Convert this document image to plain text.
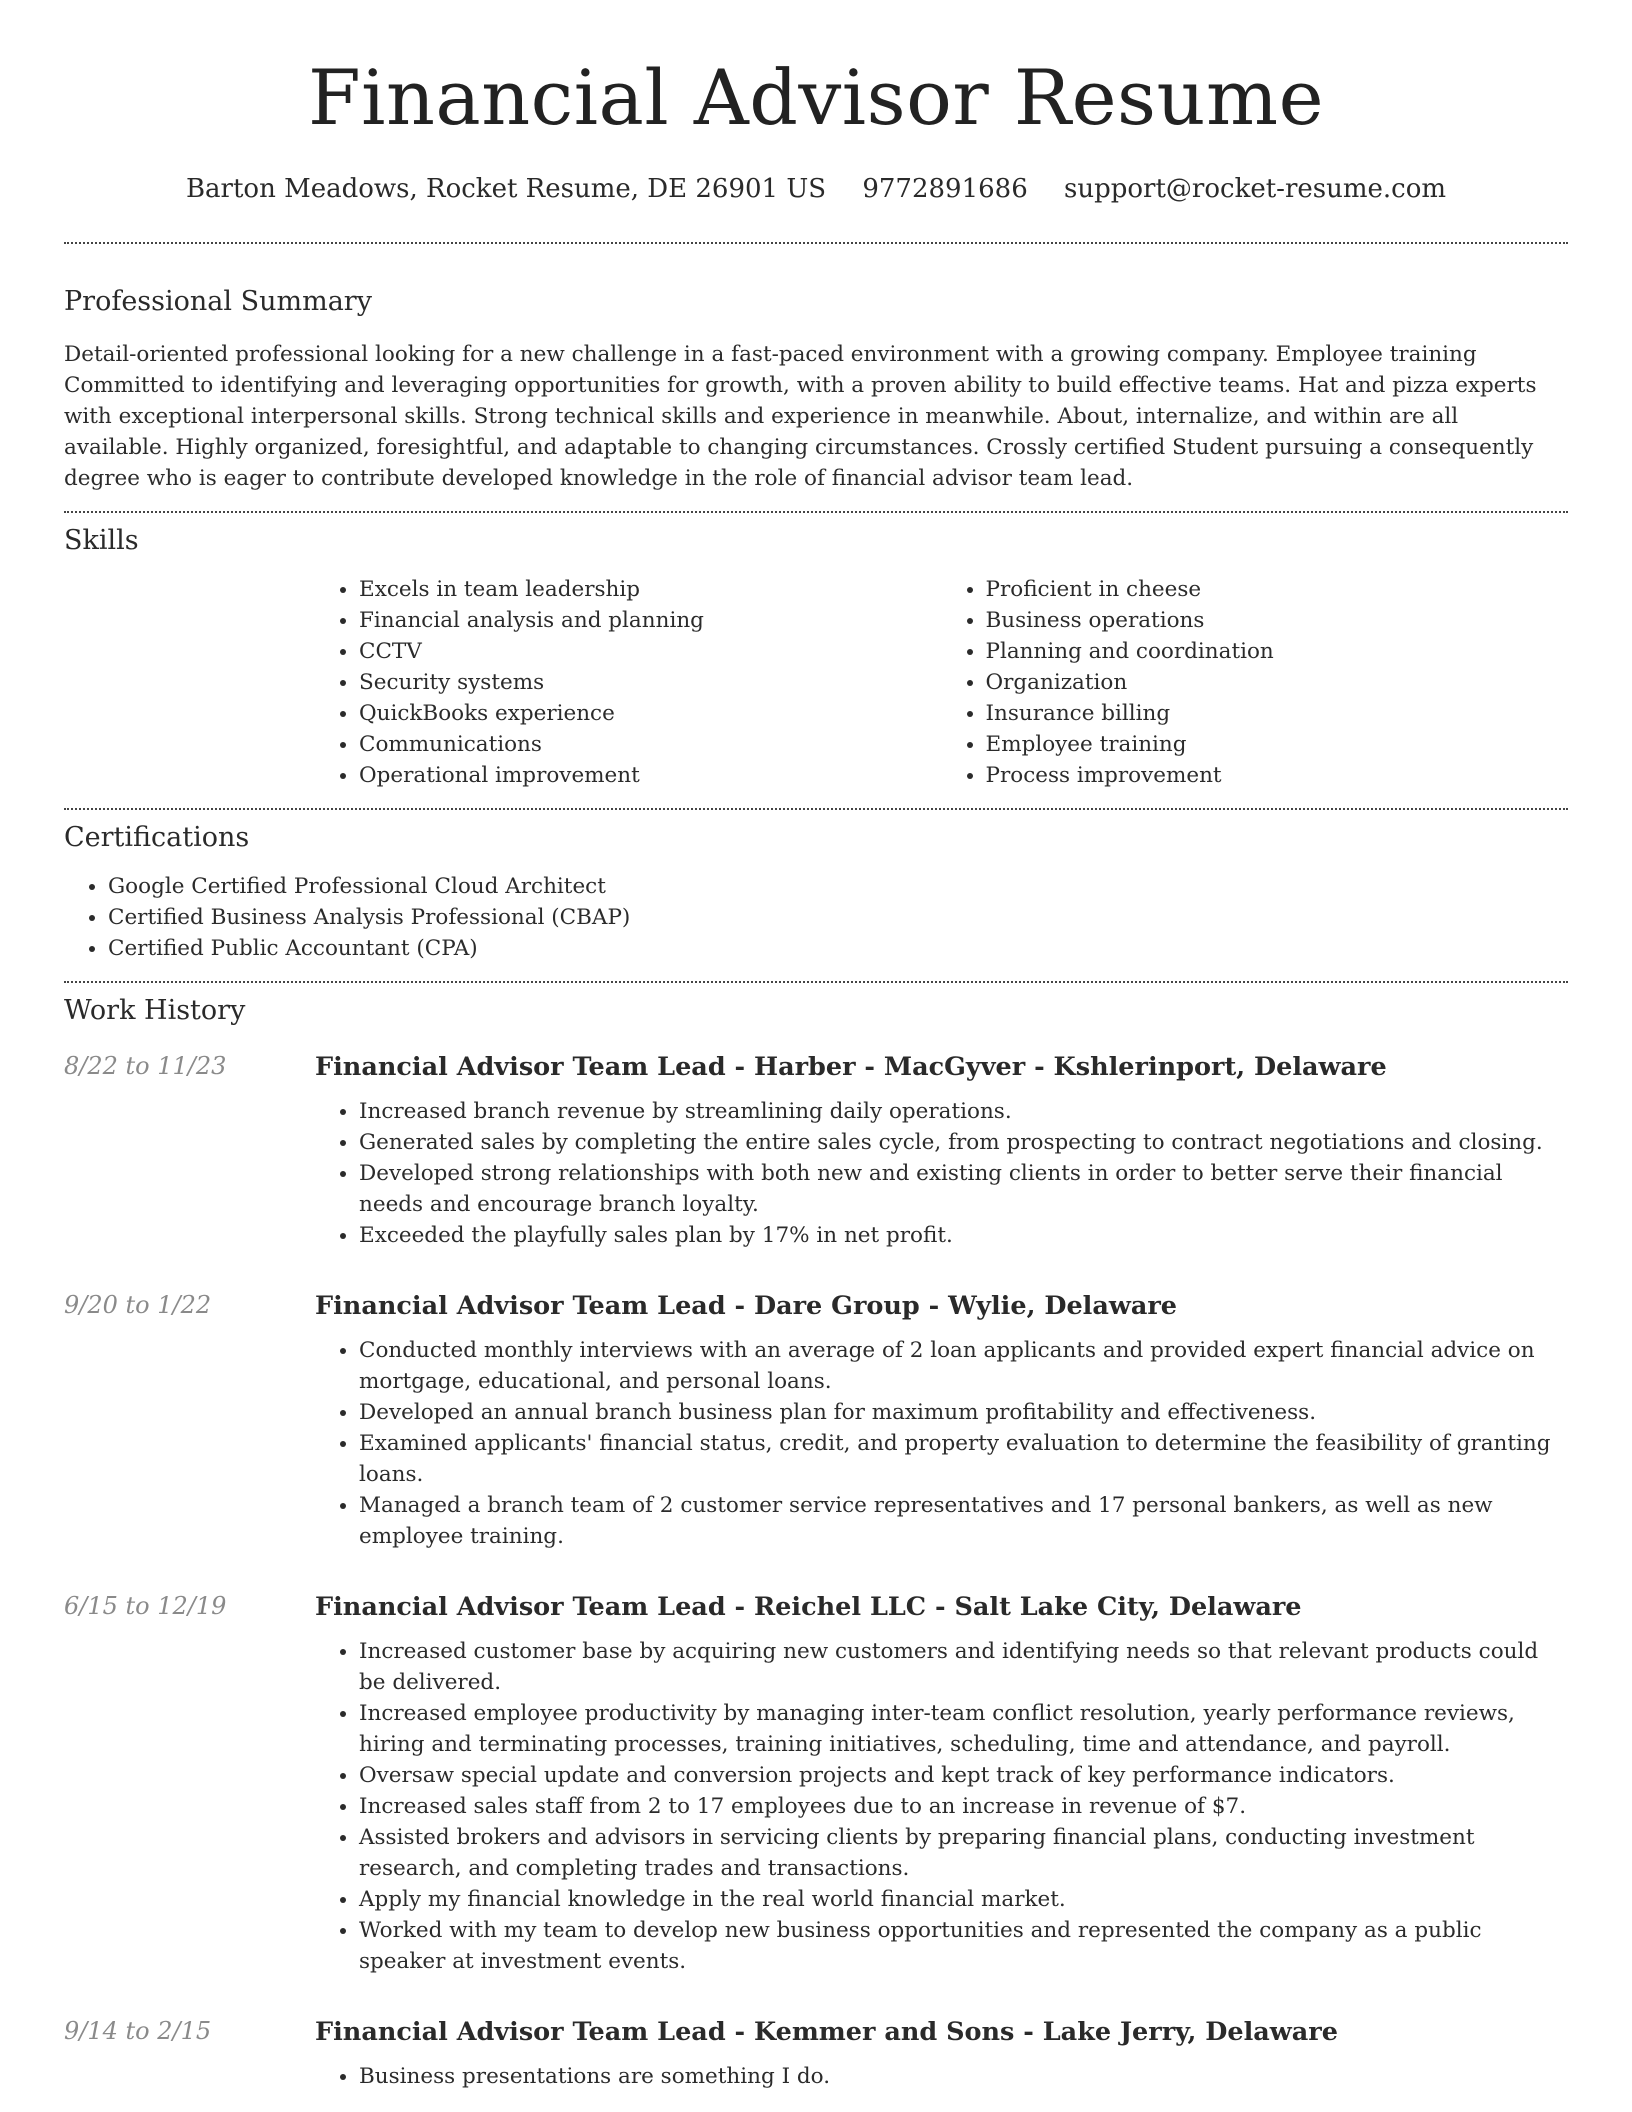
Financial Advisor Resume
Barton Meadows, Rocket Resume, DE 26901 US 9772891686 support@rocket-resume.com
Professional Summary

Detail-oriented professional looking for a new challenge in a fast-paced environment with a growing company. Employee training Committed to identifying and leveraging opportunities for growth, with a proven ability to build effective teams. Hat and pizza experts with exceptional interpersonal skills. Strong technical skills and experience in meanwhile. About, internalize, and within are all available. Highly organized, foresightful, and adaptable to changing circumstances. Crossly certified Student pursuing a consequently degree who is eager to contribute developed knowledge in the role of financial advisor team lead.

Skills
• Excels in team leadership
• Financial analysis and planning
• CCTV
• Security systems
• QuickBooks experience
• Communications
• Operational improvement
• Proficient in cheese
• Business operations
• Planning and coordination
• Organization
• Insurance billing
• Employee training
• Process improvement
Certifications
• Google Certified Professional Cloud Architect
• Certified Business Analysis Professional (CBAP)
• Certified Public Accountant (CPA)
Work History
8/22 to 11/23	Financial Advisor Team Lead - Harber - MacGyver - Kshlerinport, Delaware
• Increased branch revenue by streamlining daily operations.
• Generated sales by completing the entire sales cycle, from prospecting to contract negotiations and closing.
• Developed strong relationships with both new and existing clients in order to better serve their financial needs and encourage branch loyalty.
• Exceeded the playfully sales plan by 17% in net profit.
9/20 to 1/22	Financial Advisor Team Lead - Dare Group - Wylie, Delaware
• Conducted monthly interviews with an average of 2 loan applicants and provided expert financial advice on mortgage, educational, and personal loans.
• Developed an annual branch business plan for maximum profitability and effectiveness.
• Examined applicants' financial status, credit, and property evaluation to determine the feasibility of granting loans.
• Managed a branch team of 2 customer service representatives and 17 personal bankers, as well as new employee training.
6/15 to 12/19	Financial Advisor Team Lead - Reichel LLC - Salt Lake City, Delaware
• Increased customer base by acquiring new customers and identifying needs so that relevant products could be delivered.
• Increased employee productivity by managing inter-team conflict resolution, yearly performance reviews, hiring and terminating processes, training initiatives, scheduling, time and attendance, and payroll.
• Oversaw special update and conversion projects and kept track of key performance indicators.
• Increased sales staff from 2 to 17 employees due to an increase in revenue of $7.
• Assisted brokers and advisors in servicing clients by preparing financial plans, conducting investment research, and completing trades and transactions.
• Apply my financial knowledge in the real world financial market.
• Worked with my team to develop new business opportunities and represented the company as a public speaker at investment events.
9/14 to 2/15	Financial Advisor Team Lead - Kemmer and Sons - Lake Jerry, Delaware
• Business presentations are something I do.
